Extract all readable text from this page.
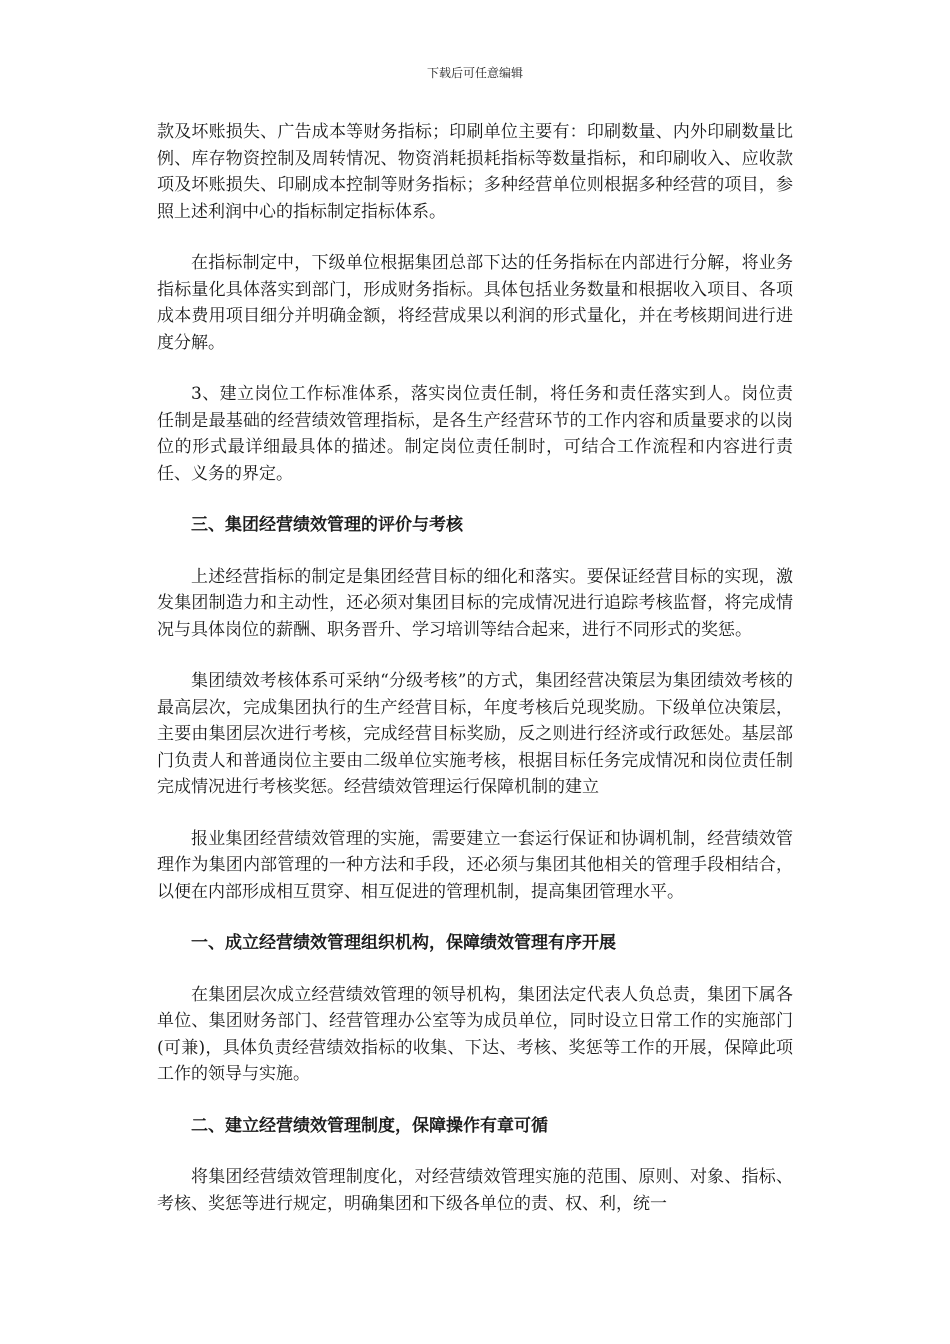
下载后可任意编辑

款及坏账损失、广告成本等财务指标；印刷单位主要有：印刷数量、内外印刷数量比例、库存物资控制及周转情况、物资消耗损耗指标等数量指标，和印刷收入、应收款项及坏账损失、印刷成本控制等财务指标；多种经营单位则根据多种经营的项目，参照上述利润中心的指标制定指标体系。

在指标制定中，下级单位根据集团总部下达的任务指标在内部进行分解，将业务指标量化具体落实到部门，形成财务指标。具体包括业务数量和根据收入项目、各项成本费用项目细分并明确金额，将经营成果以利润的形式量化，并在考核期间进行进度分解。

3、建立岗位工作标准体系，落实岗位责任制，将任务和责任落实到人。岗位责任制是最基础的经营绩效管理指标，是各生产经营环节的工作内容和质量要求的以岗位的形式最详细最具体的描述。制定岗位责任制时，可结合工作流程和内容进行责任、义务的界定。

三、集团经营绩效管理的评价与考核

上述经营指标的制定是集团经营目标的细化和落实。要保证经营目标的实现，激发集团制造力和主动性，还必须对集团目标的完成情况进行追踪考核监督，将完成情况与具体岗位的薪酬、职务晋升、学习培训等结合起来，进行不同形式的奖惩。

集团绩效考核体系可采纳“分级考核”的方式，集团经营决策层为集团绩效考核的最高层次，完成集团执行的生产经营目标，年度考核后兑现奖励。下级单位决策层，主要由集团层次进行考核，完成经营目标奖励，反之则进行经济或行政惩处。基层部门负责人和普通岗位主要由二级单位实施考核，根据目标任务完成情况和岗位责任制完成情况进行考核奖惩。经营绩效管理运行保障机制的建立

报业集团经营绩效管理的实施，需要建立一套运行保证和协调机制，经营绩效管理作为集团内部管理的一种方法和手段，还必须与集团其他相关的管理手段相结合，以便在内部形成相互贯穿、相互促进的管理机制，提高集团管理水平。

一、成立经营绩效管理组织机构，保障绩效管理有序开展

在集团层次成立经营绩效管理的领导机构，集团法定代表人负总责，集团下属各单位、集团财务部门、经营管理办公室等为成员单位，同时设立日常工作的实施部门(可兼)，具体负责经营绩效指标的收集、下达、考核、奖惩等工作的开展，保障此项工作的领导与实施。

二、建立经营绩效管理制度，保障操作有章可循

将集团经营绩效管理制度化，对经营绩效管理实施的范围、原则、对象、指标、考核、奖惩等进行规定，明确集团和下级各单位的责、权、利，统一
